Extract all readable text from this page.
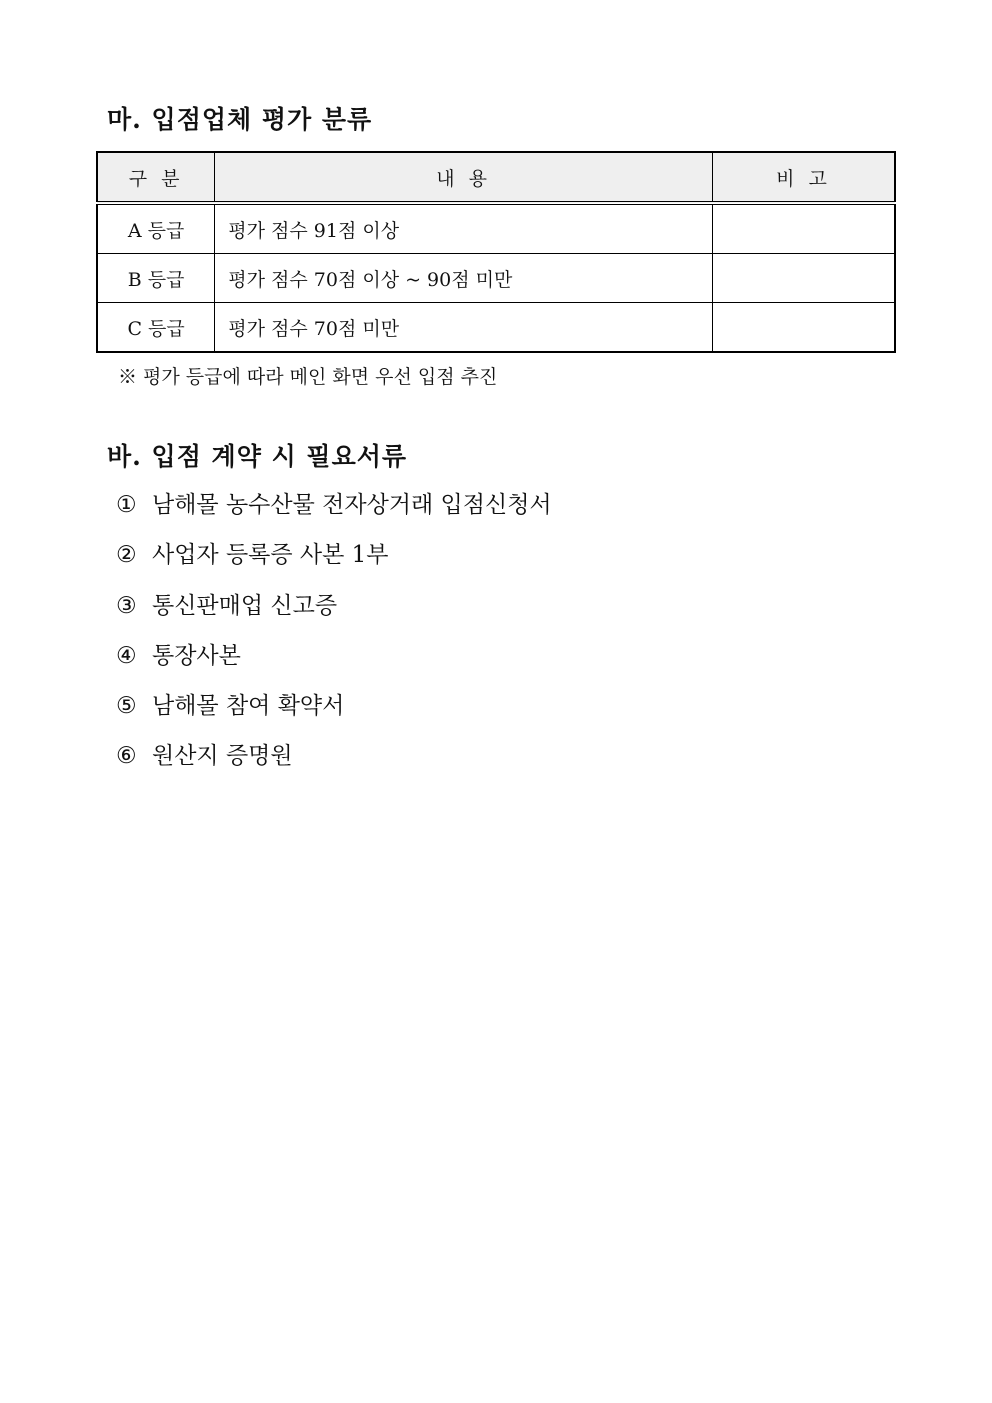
마. 입점업체 평가 분류
구 분	내 용	비 고
A 등급	평가 점수 91점 이상	
B 등급	평가 점수 70점 이상 ~ 90점 미만	
C 등급	평가 점수 70점 미만	

※ 평가 등급에 따라 메인 화면 우선 입점 추진

바. 입점 계약 시 필요서류
① 남해몰 농수산물 전자상거래 입점신청서
② 사업자 등록증 사본 1부
③ 통신판매업 신고증
④ 통장사본
⑤ 남해몰 참여 확약서
⑥ 원산지 증명원
